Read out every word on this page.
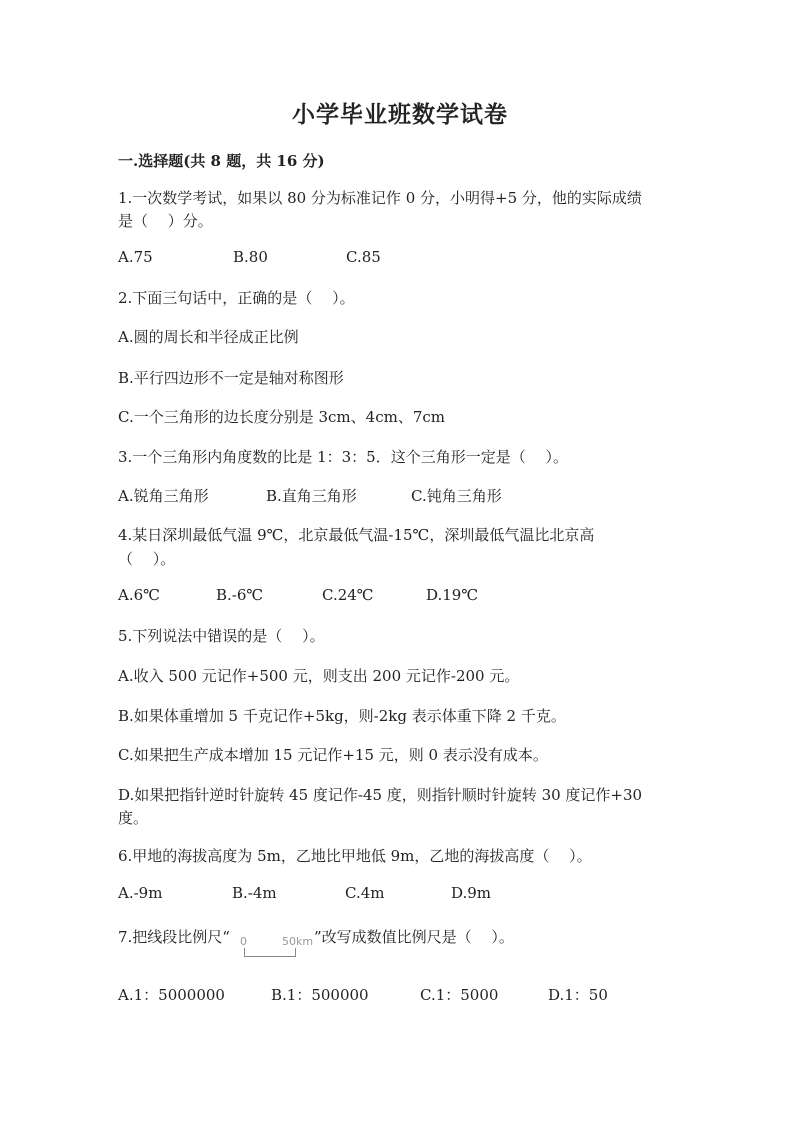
小学毕业班数学试卷
一.选择题(共 8 题，共 16 分)
1.一次数学考试，如果以 80 分为标准记作 0 分，小明得+5 分，他的实际成绩
是（　 ）分。
A.75	B.80	C.85
2.下面三句话中，正确的是（　 ）。
A.圆的周长和半径成正比例
B.平行四边形不一定是轴对称图形
C.一个三角形的边长度分别是 3cm、4cm、7cm
3.一个三角形内角度数的比是 1：3：5．这个三角形一定是（　 ）。
A.锐角三角形	B.直角三角形	C.钝角三角形
4.某日深圳最低气温 9℃，北京最低气温-15℃，深圳最低气温比北京高
（　 ）。
A.6℃	B.-6℃	C.24℃	D.19℃
5.下列说法中错误的是（　 ）。
A.收入 500 元记作+500 元，则支出 200 元记作-200 元。
B.如果体重增加 5 千克记作+5kg，则-2kg 表示体重下降 2 千克。
C.如果把生产成本增加 15 元记作+15 元，则 0 表示没有成本。
D.如果把指针逆时针旋转 45 度记作-45 度，则指针顺时针旋转 30 度记作+30
度。
6.甲地的海拔高度为 5m，乙地比甲地低 9m，乙地的海拔高度（　 ）。
A.-9m	B.-4m	C.4m	D.9m
7.把线段比例尺“ 0	50km ”改写成数值比例尺是（　 ）。
A.1：5000000	B.1：500000	C.1：5000	D.1：50
